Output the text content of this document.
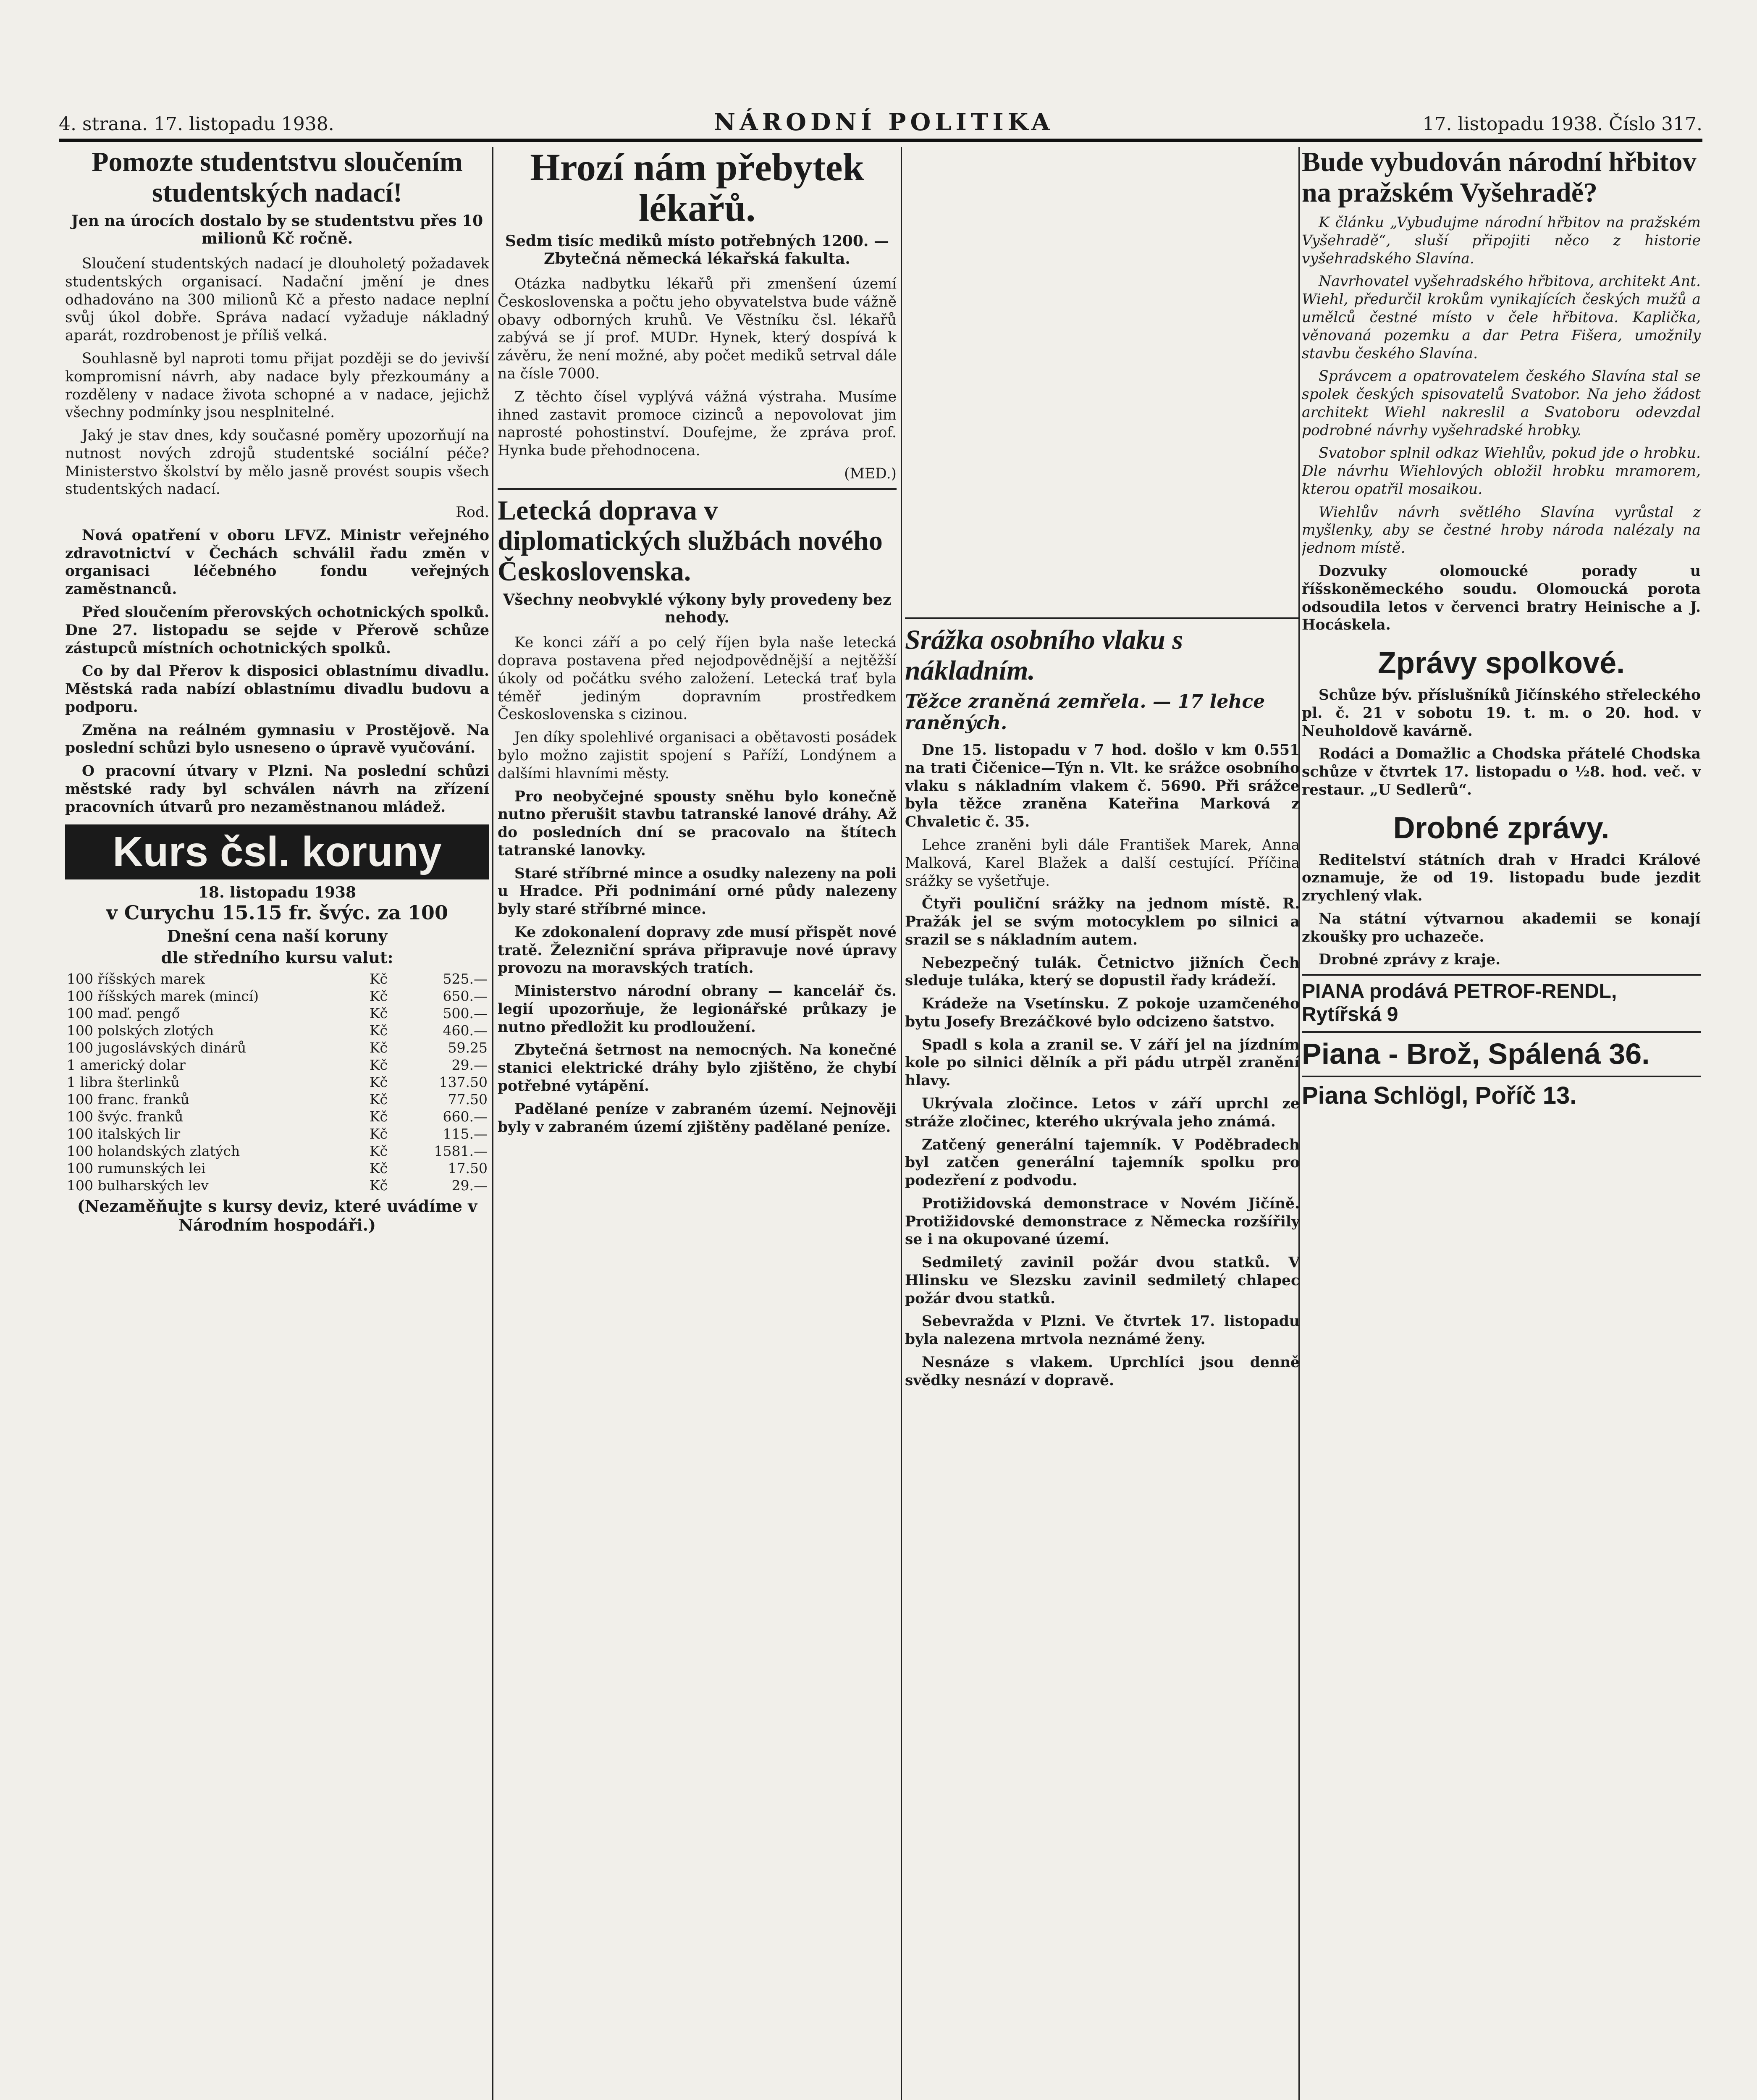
4. strana. 17. listopadu 1938.	NÁRODNÍ POLITIKA	17. listopadu 1938. Číslo 317.
Pomozte studentstvu sloučením studentských nadací!
Jen na úrocích dostalo by se studentstvu přes 10 milionů Kč ročně.

Sloučení studentských nadací je dlouholetý požadavek studentských organisací. Nadační jmění je dnes odhadováno na 300 milionů Kč a přesto nadace neplní svůj úkol dobře. Správa nadací vyžaduje nákladný aparát, rozdrobenost je příliš velká.

Souhlasně byl naproti tomu přijat později se do jevivší kompromisní návrh, aby nadace byly přezkoumány a rozděleny v nadace života schopné a v nadace, jejichž všechny podmínky jsou nesplnitelné.

Jaký je stav dnes, kdy současné poměry upozorňují na nutnost nových zdrojů studentské sociální péče? Ministerstvo školství by mělo jasně provést soupis všech studentských nadací.

Rod.

Nová opatření v oboru LFVZ. Ministr veřejného zdravotnictví v Čechách schválil řadu změn v organisaci léčebného fondu veřejných zaměstnanců.

Před sloučením přerovských ochotnických spolků. Dne 27. listopadu se sejde v Přerově schůze zástupců místních ochotnických spolků.

Co by dal Přerov k disposici oblastnímu divadlu. Městská rada nabízí oblastnímu divadlu budovu a podporu.

Změna na reálném gymnasiu v Prostějově. Na poslední schůzi bylo usneseno o úpravě vyučování.

O pracovní útvary v Plzni. Na poslední schůzi městské rady byl schválen návrh na zřízení pracovních útvarů pro nezaměstnanou mládež.

Kurs čsl. koruny
18. listopadu 1938
v Curychu 15.15 fr. švýc. za 100
Dnešní cena naší koruny
dle středního kursu valut:
100 říšských marek	Kč	525.—
100 říšských marek (mincí)	Kč	650.—
100 maď. pengő	Kč	500.—
100 polských zlotých	Kč	460.—
100 jugoslávských dinárů	Kč	59.25
1 americký dolar	Kč	29.—
1 libra šterlinků	Kč	137.50
100 franc. franků	Kč	77.50
100 švýc. franků	Kč	660.—
100 italských lir	Kč	115.—
100 holandských zlatých	Kč	1581.—
100 rumunských lei	Kč	17.50
100 bulharských lev	Kč	29.—
(Nezaměňujte s kursy deviz, které uvádíme v Národním hospodáři.)
Hrozí nám přebytek lékařů.
Sedm tisíc mediků místo potřebných 1200. — Zbytečná německá lékařská fakulta.

Otázka nadbytku lékařů při zmenšení území Československa a počtu jeho obyvatelstva bude vážně obavy odborných kruhů. Ve Věstníku čsl. lékařů zabývá se jí prof. MUDr. Hynek, který dospívá k závěru, že není možné, aby počet mediků setrval dále na čísle 7000.

Z těchto čísel vyplývá vážná výstraha. Musíme ihned zastavit promoce cizinců a nepovolovat jim naprosté pohostinství. Doufejme, že zpráva prof. Hynka bude přehodnocena.

(MED.)

Letecká doprava v diplomatických službách nového Československa.
Všechny neobvyklé výkony byly provedeny bez nehody.

Ke konci září a po celý říjen byla naše letecká doprava postavena před nejodpovědnější a nejtěžší úkoly od počátku svého založení. Letecká trať byla téměř jediným dopravním prostředkem Československa s cizinou.

Jen díky spolehlivé organisaci a obětavosti posádek bylo možno zajistit spojení s Paříží, Londýnem a dalšími hlavními městy.

Pro neobyčejné spousty sněhu bylo konečně nutno přerušit stavbu tatranské lanové dráhy. Až do posledních dní se pracovalo na štítech tatranské lanovky.

Staré stříbrné mince a osudky nalezeny na poli u Hradce. Při podnimání orné půdy nalezeny byly staré stříbrné mince.

Ke zdokonalení dopravy zde musí přispět nové tratě. Železniční správa připravuje nové úpravy provozu na moravských tratích.

Ministerstvo národní obrany — kancelář čs. legií upozorňuje, že legionářské průkazy je nutno předložit ku prodloužení.

Zbytečná šetrnost na nemocných. Na konečné stanici elektrické dráhy bylo zjištěno, že chybí potřebné vytápění.

Padělané peníze v zabraném území. Nejnověji byly v zabraném území zjištěny padělané peníze.

Srážka osobního vlaku s nákladním.
Těžce zraněná zemřela. — 17 lehce raněných.

Dne 15. listopadu v 7 hod. došlo v km 0.551 na trati Čičenice—Týn n. Vlt. ke srážce osobního vlaku s nákladním vlakem č. 5690. Při srážce byla těžce zraněna Kateřina Marková z Chvaletic č. 35.

Lehce zraněni byli dále František Marek, Anna Malková, Karel Blažek a další cestující. Příčina srážky se vyšetřuje.

Čtyři pouliční srážky na jednom místě. R. Pražák jel se svým motocyklem po silnici a srazil se s nákladním autem.

Nebezpečný tulák. Četnictvo jižních Čech sleduje tuláka, který se dopustil řady krádeží.

Krádeže na Vsetínsku. Z pokoje uzamčeného bytu Josefy Brezáčkové bylo odcizeno šatstvo.

Spadl s kola a zranil se. V září jel na jízdním kole po silnici dělník a při pádu utrpěl zranění hlavy.

Ukrývala zločince. Letos v září uprchl ze stráže zločinec, kterého ukrývala jeho známá.

Zatčený generální tajemník. V Poděbradech byl zatčen generální tajemník spolku pro podezření z podvodu.

Protižidovská demonstrace v Novém Jičíně. Protižidovské demonstrace z Německa rozšířily se i na okupované území.

Sedmiletý zavinil požár dvou statků. V Hlinsku ve Slezsku zavinil sedmiletý chlapec požár dvou statků.

Sebevražda v Plzni. Ve čtvrtek 17. listopadu byla nalezena mrtvola neznámé ženy.

Nesnáze s vlakem. Uprchlíci jsou denně svědky nesnází v dopravě.

Bude vybudován národní hřbitov na pražském Vyšehradě?

K článku „Vybudujme národní hřbitov na pražském Vyšehradě“, sluší připojiti něco z historie vyšehradského Slavína.

Navrhovatel vyšehradského hřbitova, architekt Ant. Wiehl, předurčil krokům vynikajících českých mužů a umělců čestné místo v čele hřbitova. Kaplička, věnovaná pozemku a dar Petra Fišera, umožnily stavbu českého Slavína.

Správcem a opatrovatelem českého Slavína stal se spolek českých spisovatelů Svatobor. Na jeho žádost architekt Wiehl nakreslil a Svatoboru odevzdal podrobné návrhy vyšehradské hrobky.

Svatobor splnil odkaz Wiehlův, pokud jde o hrobku. Dle návrhu Wiehlových obložil hrobku mramorem, kterou opatřil mosaikou.

Wiehlův návrh světlého Slavína vyrůstal z myšlenky, aby se čestné hroby národa nalézaly na jednom místě.

Dozvuky olomoucké porady u říšskoněmeckého soudu. Olomoucká porota odsoudila letos v červenci bratry Heinische a J. Hocáskela.

Zprávy spolkové.

Schůze býv. příslušníků Jičínského střeleckého pl. č. 21 v sobotu 19. t. m. o 20. hod. v Neuholdově kavárně.

Rodáci a Domažlic a Chodska přátelé Chodska schůze v čtvrtek 17. listopadu o ½8. hod. več. v restaur. „U Sedlerů“.

Drobné zprávy.

Reditelství státních drah v Hradci Králové oznamuje, že od 19. listopadu bude jezdit zrychlený vlak.

Na státní výtvarnou akademii se konají zkoušky pro uchazeče.

Drobné zprávy z kraje.

PIANA prodává PETROF-RENDL, Rytířská 9
Piana - Brož, Spálená 36.
Piana Schlögl, Poříč 13.
